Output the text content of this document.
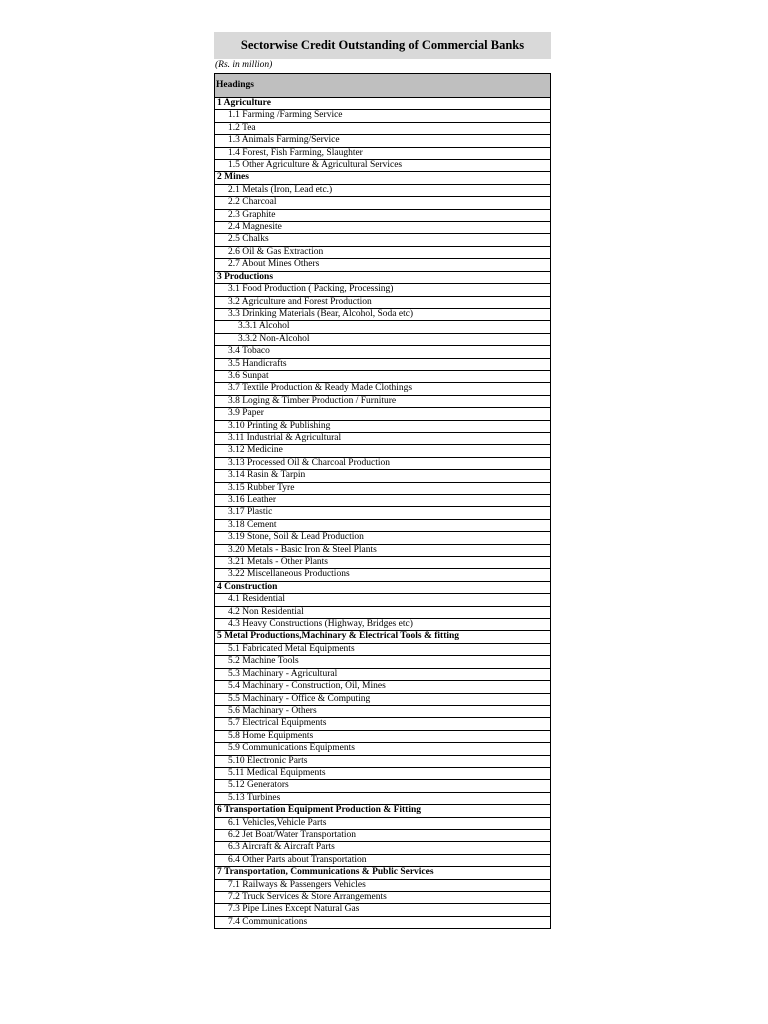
Sectorwise Credit Outstanding of Commercial Banks
(Rs. in million)
Headings
1 Agriculture
1.1 Farming /Farming Service
1.2 Tea
1.3 Animals Farming/Service
1.4 Forest, Fish Farming, Slaughter
1.5 Other Agriculture & Agricultural Services
2 Mines
2.1 Metals (Iron, Lead etc.)
2.2 Charcoal
2.3 Graphite
2.4 Magnesite
2.5 Chalks
2.6 Oil & Gas Extraction
2.7 About Mines Others
3 Productions
3.1 Food Production ( Packing, Processing)
3.2 Agriculture and Forest Production
3.3 Drinking Materials (Bear, Alcohol, Soda etc)
3.3.1 Alcohol
3.3.2 Non-Alcohol
3.4 Tobaco
3.5 Handicrafts
3.6 Sunpat
3.7 Textile Production & Ready Made Clothings
3.8 Loging & Timber Production / Furniture
3.9 Paper
3.10 Printing & Publishing
3.11 Industrial & Agricultural
3.12 Medicine
3.13 Processed Oil & Charcoal Production
3.14 Rasin & Tarpin
3.15 Rubber Tyre
3.16 Leather
3.17 Plastic
3.18 Cement
3.19 Stone, Soil & Lead Production
3.20 Metals - Basic Iron & Steel Plants
3.21 Metals - Other Plants
3.22 Miscellaneous Productions
4 Construction
4.1 Residential
4.2 Non Residential
4.3 Heavy Constructions (Highway, Bridges etc)
5 Metal Productions,Machinary & Electrical Tools & fitting
5.1 Fabricated Metal Equipments
5.2 Machine Tools
5.3 Machinary - Agricultural
5.4 Machinary - Construction, Oil, Mines
5.5 Machinary - Office & Computing
5.6 Machinary - Others
5.7 Electrical Equipments
5.8 Home Equipments
5.9 Communications Equipments
5.10 Electronic Parts
5.11 Medical Equipments
5.12 Generators
5.13 Turbines
6 Transportation Equipment Production & Fitting
6.1 Vehicles,Vehicle Parts
6.2 Jet Boat/Water Transportation
6.3 Aircraft & Aircraft Parts
6.4 Other Parts about Transportation
7 Transportation, Communications & Public Services
7.1 Railways & Passengers Vehicles
7.2 Truck Services & Store Arrangements
7.3 Pipe Lines Except Natural Gas
7.4 Communications
